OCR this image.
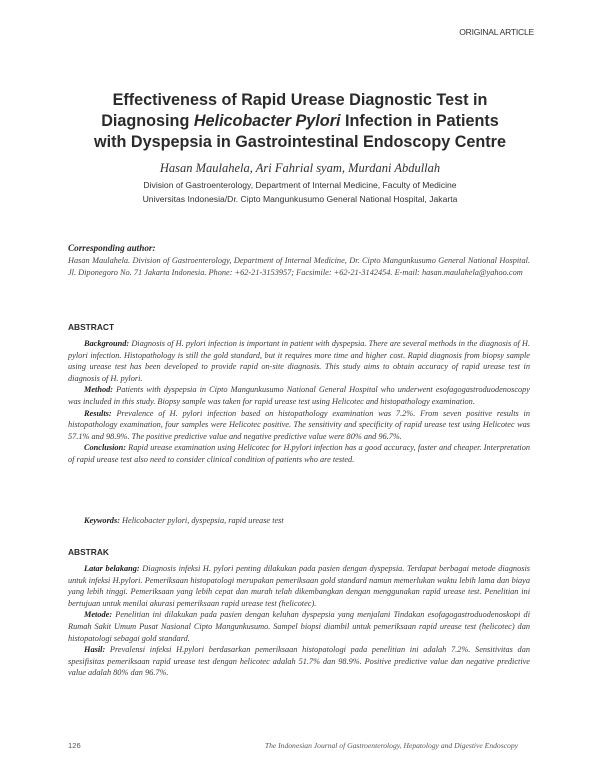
ORIGINAL ARTICLE

Effectiveness of Rapid Urease Diagnostic Test in
Diagnosing Helicobacter Pylori Infection in Patients
with Dyspepsia in Gastrointestinal Endoscopy Centre

Hasan Maulahela, Ari Fahrial syam, Murdani Abdullah

Division of Gastroenterology, Department of Internal Medicine, Faculty of Medicine
Universitas Indonesia/Dr. Cipto Mangunkusumo General National Hospital, Jakarta

Corresponding author:

Hasan Maulahela. Division of Gastroenterology, Department of Internal Medicine, Dr. Cipto Mangunkusumo General National Hospital. Jl. Diponegoro No. 71 Jakarta Indonesia. Phone: +62-21-3153957; Facsimile: +62-21-3142454. E-mail: hasan.maulahela@yahoo.com

ABSTRACT

Background: Diagnosis of H. pylori infection is important in patient with dyspepsia. There are several methods in the diagnosis of H. pylori infection. Histopathology is still the gold standard, but it requires more time and higher cost. Rapid diagnosis from biopsy sample using urease test has been developed to provide rapid on-site diagnosis. This study aims to obtain accuracy of rapid urease test in diagnosis of H. pylori.

Method: Patients with dyspepsia in Cipto Mangunkusumo National General Hospital who underwent esofagogastroduodenoscopy was included in this study. Biopsy sample was taken for rapid urease test using Helicotec and histopathology examination.

Results: Prevalence of H. pylori infection based on histopathology examination was 7.2%. From seven positive results in histopathology examination, four samples were Helicotec positive. The sensitivity and specificity of rapid urease test using Helicotec was 57.1% and 98.9%. The positive predictive value and negative predictive value were 80% and 96.7%.

Conclusion: Rapid urease examination using Helicotec for H.pylori infection has a good accuracy, faster and cheaper. Interpretation of rapid urease test also need to consider clinical condition of patients who are tested.

Keywords: Helicobacter pylori, dyspepsia, rapid urease test

ABSTRAK

Latar belakang: Diagnosis infeksi H. pylori penting dilakukan pada pasien dengan dyspepsia. Terdapat berbagai metode diagnosis untuk infeksi H.pylori. Pemeriksaan histopatologi merupakan pemeriksaan gold standard namun memerlukan waktu lebih lama dan biaya yang lebih tinggi. Pemeriksaan yang lebih cepat dan murah telah dikembangkan dengan menggunakan rapid urease test. Penelitian ini bertujuan untuk menilai akurasi pemeriksaan rapid urease test (helicotec).

Metode: Penelitian ini dilakukan pada pasien dengan keluhan dyspepsia yang menjalani Tindakan esofagogastroduodenoskopi di Rumah Sakit Umum Pusat Nasional Cipto Mangunkusumo. Sampel biopsi diambil untuk pemeriksaan rapid urease test (helicotec) dan histopatologi sebagai gold standard.

Hasil: Prevalensi infeksi H.pylori berdasarkan pemeriksaan histopatologi pada penelitian ini adalah 7.2%. Sensitivitas dan spesifisitas pemeriksaan rapid urease test dengan helicotec adalah 51.7% dan 98.9%. Positive predictive value dan negative predictive value adalah 80% dan 96.7%.

126	The Indonesian Journal of Gastroenterology, Hepatology and Digestive Endoscopy
